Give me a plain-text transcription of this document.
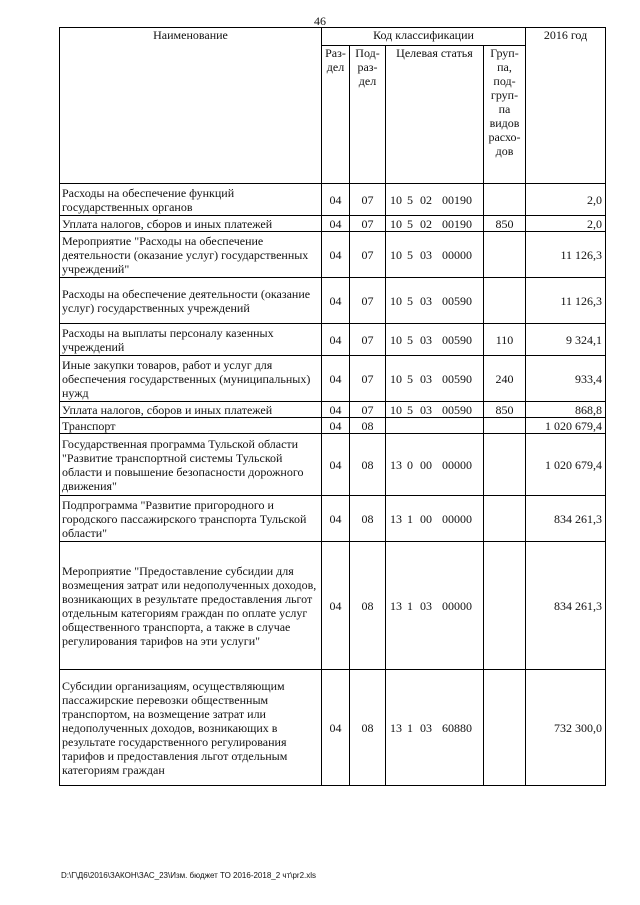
46
Наименование	Код классификации				2016 год
	Раз- дел	Под- раз- дел	Целевая статья	Груп- па, под- груп- па видов расхо- дов	
Расходы на обеспечение функций государственных органов	04	07	10 5 02 00190		2,0
Уплата налогов, сборов и иных платежей	04	07	10 5 02 00190	850	2,0
Мероприятие "Расходы на обеспечение деятельности (оказание услуг) государственных учреждений"	04	07	10 5 03 00000		11 126,3
Расходы на обеспечение деятельности (оказание услуг) государственных учреждений	04	07	10 5 03 00590		11 126,3
Расходы на выплаты персоналу казенных учреждений	04	07	10 5 03 00590	110	9 324,1
Иные закупки товаров, работ и услуг для обеспечения государственных (муниципальных) нужд	04	07	10 5 03 00590	240	933,4
Уплата налогов, сборов и иных платежей	04	07	10 5 03 00590	850	868,8
Транспорт	04	08			1 020 679,4
Государственная программа Тульской области "Развитие транспортной системы Тульской области и повышение безопасности дорожного движения"	04	08	13 0 00 00000		1 020 679,4
Подпрограмма "Развитие пригородного и городского пассажирского транспорта Тульской области"	04	08	13 1 00 00000		834 261,3
Мероприятие "Предоставление субсидии для возмещения затрат или недополученных доходов, возникающих в результате предоставления льгот отдельным категориям граждан по оплате услуг общественного транспорта, а также в случае регулирования тарифов на эти услуги"	04	08	13 1 03 00000		834 261,3
Субсидии организациям, осуществляющим пассажирские перевозки общественным транспортом, на возмещение затрат или недополученных доходов, возникающих в результате государственного регулирования тарифов и предоставления льгот отдельным категориям граждан	04	08	13 1 03 60880		732 300,0
D:\Г\Д6\2016\ЗАКОН\ЗАС_23\Изм. бюджет ТО 2016-2018_2 чт\pr2.xls
